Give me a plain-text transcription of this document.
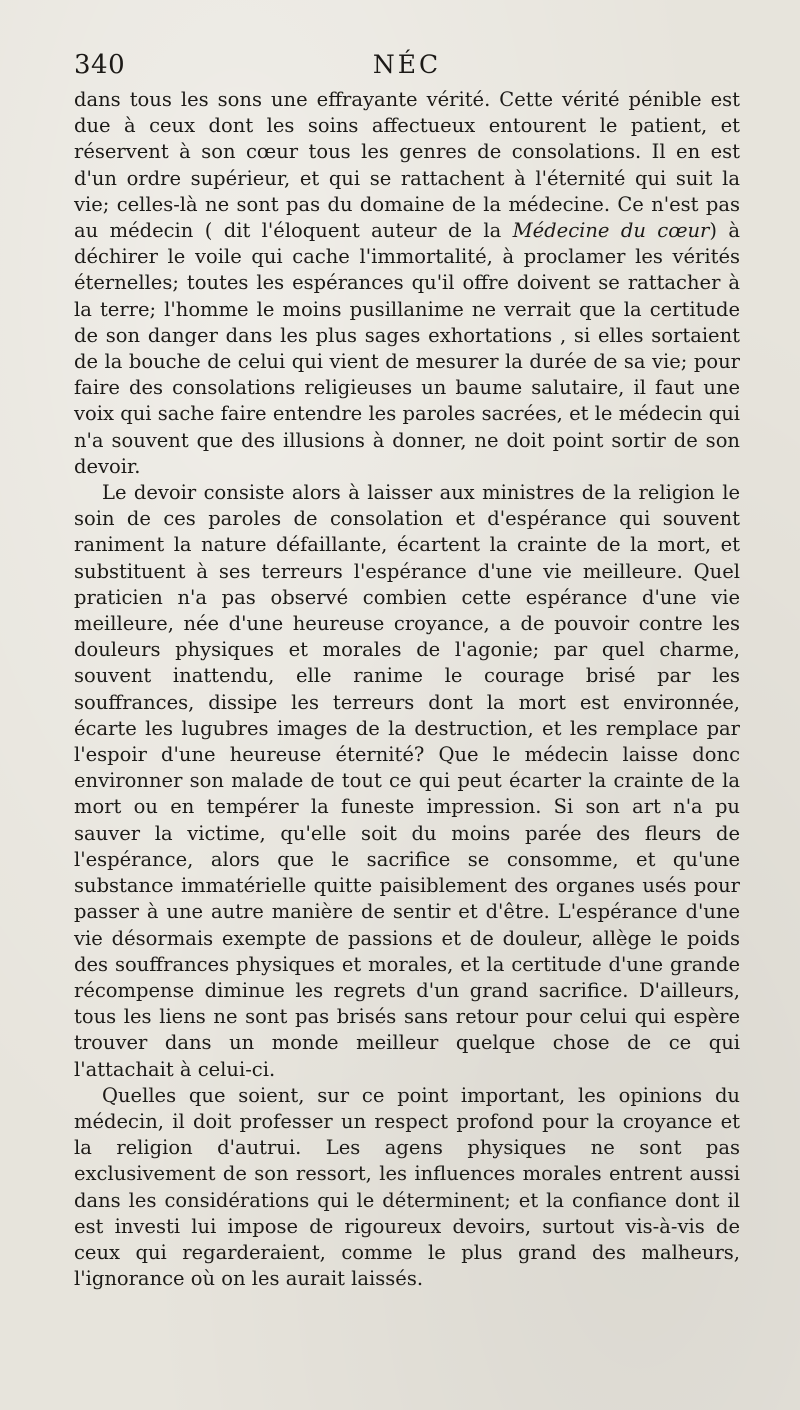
340	NÉC

dans tous les sons une effrayante vérité. Cette vérité pénible est due à ceux dont les soins affectueux entourent le patient, et réservent à son cœur tous les genres de consolations. Il en est d'un ordre supérieur, et qui se rattachent à l'éternité qui suit la vie; celles-là ne sont pas du domaine de la médecine. Ce n'est pas au médecin ( dit l'éloquent auteur de la Médecine du cœur) à déchirer le voile qui cache l'immortalité, à proclamer les vérités éternelles; toutes les espérances qu'il offre doivent se rattacher à la terre; l'homme le moins pusillanime ne verrait que la certitude de son danger dans les plus sages exhortations , si elles sortaient de la bouche de celui qui vient de mesurer la durée de sa vie; pour faire des consolations religieuses un baume salutaire, il faut une voix qui sache faire entendre les paroles sacrées, et le médecin qui n'a souvent que des illusions à donner, ne doit point sortir de son devoir.

Le devoir consiste alors à laisser aux ministres de la religion le soin de ces paroles de consolation et d'espérance qui souvent raniment la nature défaillante, écartent la crainte de la mort, et substituent à ses terreurs l'espérance d'une vie meilleure. Quel praticien n'a pas observé combien cette espérance d'une vie meilleure, née d'une heureuse croyance, a de pouvoir contre les douleurs physiques et morales de l'agonie; par quel charme, souvent inattendu, elle ranime le courage brisé par les souffrances, dissipe les terreurs dont la mort est environnée, écarte les lugubres images de la destruction, et les remplace par l'espoir d'une heureuse éternité? Que le médecin laisse donc environner son malade de tout ce qui peut écarter la crainte de la mort ou en tempérer la funeste impression. Si son art n'a pu sauver la victime, qu'elle soit du moins parée des fleurs de l'espérance, alors que le sacrifice se consomme, et qu'une substance immatérielle quitte paisiblement des organes usés pour passer à une autre manière de sentir et d'être. L'espérance d'une vie désormais exempte de passions et de douleur, allège le poids des souffrances physiques et morales, et la certitude d'une grande récompense diminue les regrets d'un grand sacrifice. D'ailleurs, tous les liens ne sont pas brisés sans retour pour celui qui espère trouver dans un monde meilleur quelque chose de ce qui l'attachait à celui-ci.

Quelles que soient, sur ce point important, les opinions du médecin, il doit professer un respect profond pour la croyance et la religion d'autrui. Les agens physiques ne sont pas exclusivement de son ressort, les influences morales entrent aussi dans les considérations qui le déterminent; et la confiance dont il est investi lui impose de rigoureux devoirs, surtout vis-à-vis de ceux qui regarderaient, comme le plus grand des malheurs, l'ignorance où on les aurait laissés.
